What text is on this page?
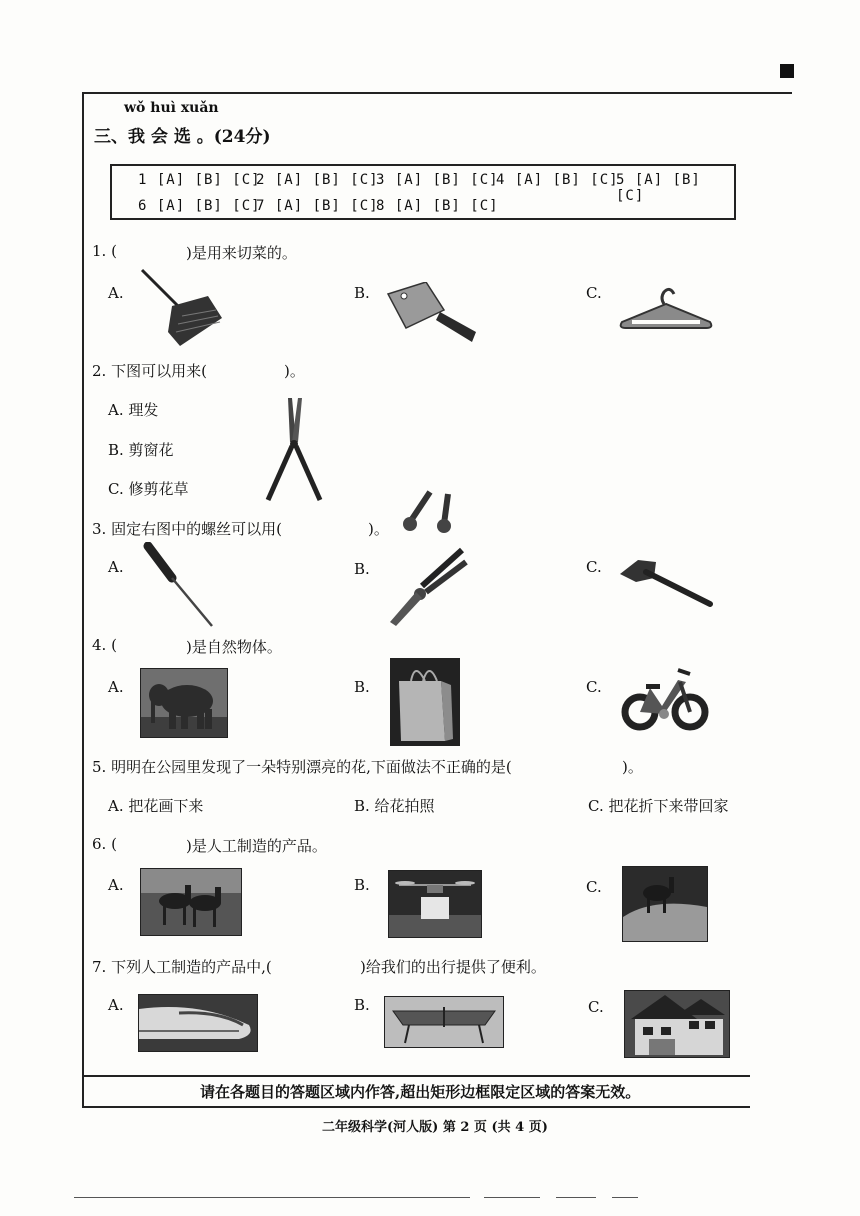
wǒ huì xuǎn
三、我 会 选 。(24分)
1 [A] [B] [C]
2 [A] [B] [C]
3 [A] [B] [C]
4 [A] [B] [C]
5 [A] [B] [C]
6 [A] [B] [C]
7 [A] [B] [C]
8 [A] [B] [C]
1. (	)是用来切菜的。
A.	B.	C.
2. 下图可以用来(	)。
A. 理发
B. 剪窗花
C. 修剪花草
3. 固定右图中的螺丝可以用(	)。
A.	B.	C.
4. (	)是自然物体。
A.	B.	C.
5. 明明在公园里发现了一朵特别漂亮的花,下面做法不正确的是(	)。
A. 把花画下来	B. 给花拍照	C. 把花折下来带回家
6. (	)是人工制造的产品。
A.	B.	C.
7. 下列人工制造的产品中,(	)给我们的出行提供了便利。
A.	B.	C.
请在各题目的答题区域内作答,超出矩形边框限定区域的答案无效。
二年级科学(河人版) 第 2 页 (共 4 页)
